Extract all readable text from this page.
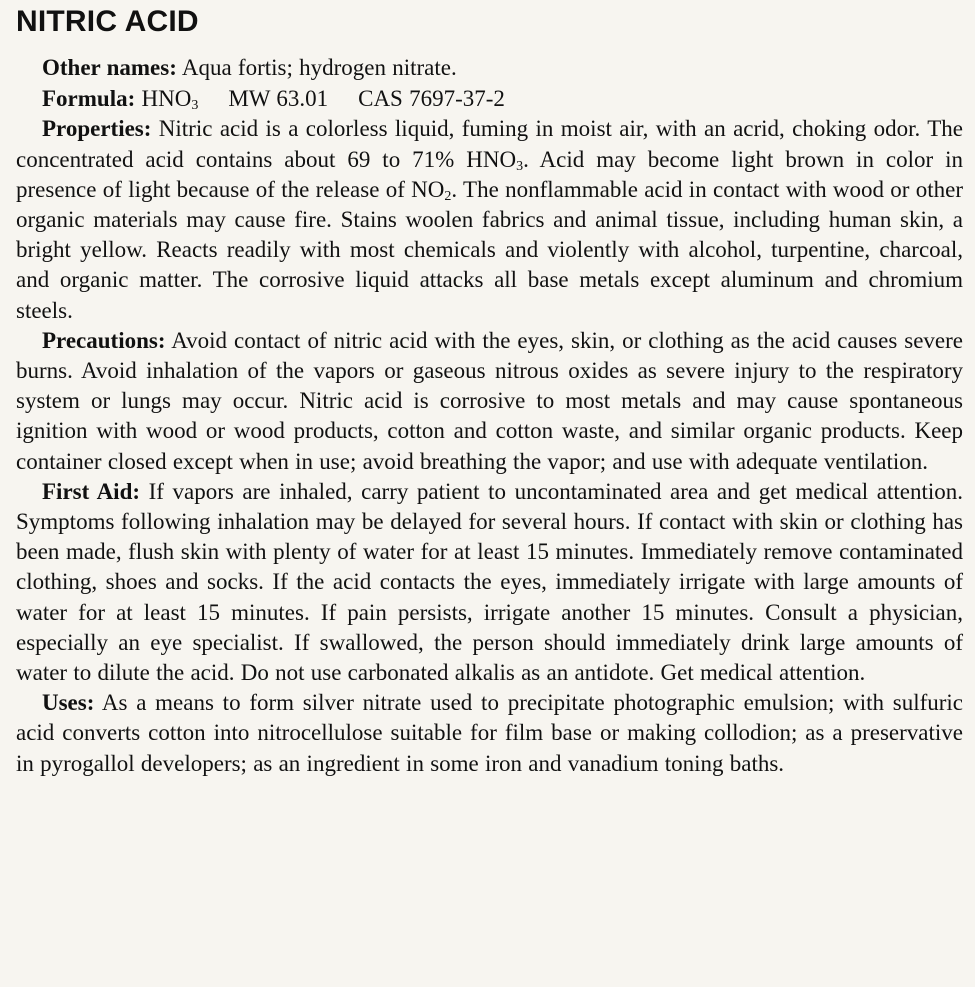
NITRIC ACID

Other names: Aqua fortis; hydrogen nitrate.

Formula: $HNO_3$ MW 63.01 CAS 7697-37-2

Properties: Nitric acid is a colorless liquid, fuming in moist air, with an acrid, choking odor. The concentrated acid contains about 69 to 71% $HNO_3$. Acid may become light brown in color in presence of light because of the release of $NO_2$. The nonflammable acid in contact with wood or other organic materials may cause fire. Stains woolen fabrics and animal tissue, including human skin, a bright yellow. Reacts readily with most chemicals and violently with alcohol, turpentine, charcoal, and organic matter. The corrosive liquid attacks all base metals except aluminum and chromium steels.

Precautions: Avoid contact of nitric acid with the eyes, skin, or clothing as the acid causes severe burns. Avoid inhalation of the vapors or gaseous nitrous oxides as severe injury to the respiratory system or lungs may occur. Nitric acid is corrosive to most metals and may cause spontaneous ignition with wood or wood products, cotton and cotton waste, and similar organic products. Keep container closed except when in use; avoid breathing the vapor; and use with adequate ventilation.

First Aid: If vapors are inhaled, carry patient to uncontaminated area and get medical attention. Symptoms following inhalation may be delayed for several hours. If contact with skin or clothing has been made, flush skin with plenty of water for at least 15 minutes. Immediately remove contaminated clothing, shoes and socks. If the acid contacts the eyes, immediately irrigate with large amounts of water for at least 15 minutes. If pain persists, irrigate another 15 minutes. Consult a physician, especially an eye specialist. If swallowed, the person should immediately drink large amounts of water to dilute the acid. Do not use carbonated alkalis as an antidote. Get medical attention.

Uses: As a means to form silver nitrate used to precipitate photographic emulsion; with sulfuric acid converts cotton into nitrocellulose suitable for film base or making collodion; as a preservative in pyrogallol developers; as an ingredient in some iron and vanadium toning baths.
